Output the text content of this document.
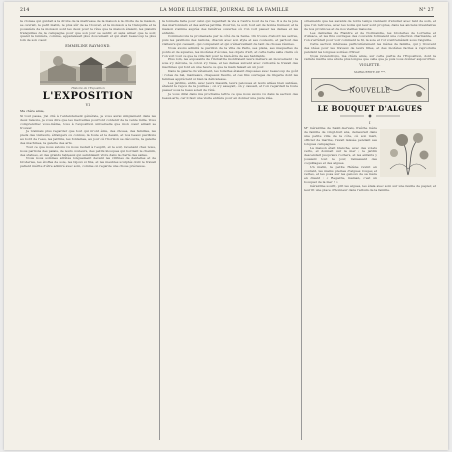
214	LA MODE ILLUSTRÉE, JOURNAL DE LA FAMILLE	N° 27

la croisée qui guidait à la droite de la maîtresse de la maison à la droite de la maison, se ouvrait, le petit matin, le plus sûr de se trouver, et la moisson a la tranquille et la poussière de la moisson sont les deux pour le rêve que la maison étaient, les plaisirs tranquilles de la campagne pour que son jour se sentir, et sans aimer que le soir, quand la lumière, comme, apparaissait plus doucement et qui était beaucoup le plus loin de son cœur.

EMMELINE RAYMOND.
Histoire de l'Exposition
L'EXPOSITION
VI
Ma chère amie,

Si tout passe, j'ai cité à l'entendement générale, je vous aurai simplement dans les deux raisons, je vous dire que les merveilles pourront contenir de la vente mille. Vous comprendrez vous-même, tous à l'exposition universelle que mon cœur aimait se trouver.

Je n'aimais plus regarder que tout qui m'ont ému, des choses, des familles, les pieds des visiteurs, étrangers ou connus, la foule et le dessin, et nos beaux pavillons au bord de l'eau, les jardins, les fontaines, au jour où l'horizon se découvre, la galerie des machines, la galerie des arts.

Tout ce que nous avions vu nous restait à l'esprit, et le soir, revenant chez nous, nous parlions des palais, de leurs couleurs, des petits kiosques qui bordent le chemin, des statues, et des grands tableaux qui semblaient vivre dans la clarté des salles.

Nous nous sommes arrêtés longuement devant les vitrines de dentelles et de broderies, les étoffes de soie, les bijoux si fins, et les meubles sculptés dont le travail patient mérite d'être admiré avec soin, comme on regarde une chose précieuse.

la tonnelle faite pour celui qui regardait la vie à l'autre bout de la rue. Il a de la joie des marronniers et des autres jardins. Pour lui, le soir, tout est de bonne humeur, et la maison s'anime auprès des fenêtres ouvertes où l'on voit passer les dames et les enfants.

Commencons la promenade par le côté de la Seine. On trouve d'abord les serres, puis les pavillons des nations, chacun avec son style et ses couleurs, et partout des visiteurs qui causent, qui comparent et qui s'émerveillent de tant de choses réunies.

Nous avons admiré le pavillon de la ville de Paris, ses plans, ses maquettes de ponts et de squares, les modèles d'écoles, les objets d'art, et cette belle salle claire où l'on voit tout ce que la ville fait pour le bien-être de ses habitants.

Plus loin, les exposants de l'industrie montraient leurs métiers en mouvement : la soie s'y déroule, le coton s'y tisse, et les dames suivent avec curiosité le travail des machines qui font en une heure ce que la main faisait en un jour.

Dans la galerie du vêtement, les toilettes étaient disposées avec beaucoup de goût : robes de bal, manteaux, chapeaux fleuris, et ces fins ouvrages de lingerie dont les femmes apprécient si bien la délicatesse.

Les jardins, enfin, avec leurs massifs, leurs pelouses et leurs allées bien sablées, étaient le repos de la journée ; on s'y asseyait, on y causait, et l'on regardait la foule passer sous le beau soleil de l'été.

Je vous dirai dans ma prochaine lettre ce que nous avons vu dans la section des beaux-arts, car il faut une visite entière pour en donner une juste idée.

ornements que les savants de notre temps viennent d'étudier avec tant de soin, et que l'on retrouve, avec les noms qui leur sont propres, dans les anciens inventaires de nos provinces et de nos vieilles maisons.

Les dentelles de Flandre et de Normandie, les broderies de Lorraine et d'Alsace, et les fins ouvrages des couvents formaient une collection charmante, et l'on s'arrêtait pour voir comment le fil, la soie et l'or s'entremêlent sous l'aiguille.

Cette section intéresse particulièrement les mères de famille, qui y trouvent des idées pour les travaux de leurs filles, et des modèles faciles à reproduire pendant les longues soirées d'hiver.

Nous reviendrons, ma chère amie, sur cette partie de l'Exposition, dont la variété mérite une étude plus longue que celle que je puis vous donner aujourd'hui.

VIOLETTE.
MARGUERITE DE ***.
NOUVELLE
LE BOUQUET D'ALGUES
I

Mᵉ Géraldine de Saint-Gervais, fraîche mère de famille de vingt-huit ans, demeurait dans une petite ville de la côte, où son mari, officier de marine, l'avait laissée pendant ses longues campagnes.

La maison était blanche, avec des volets verts, et donnait sur la mer ; le jardin descendait jusqu'aux rochers, et les enfants y jouaient tout le jour, ramassant des coquillages et des algues.

Un matin, la petite Hélène revint en courant, les mains pleines d'algues rouges et vertes, et les posa sur les genoux de sa mère en disant : « Regarde, maman, c'est un bouquet de la mer ! »

Géraldine sourit, prit les algues, les étala avec soin sur une feuille de papier, et leur fit une place d'honneur dans l'album de la famille.
